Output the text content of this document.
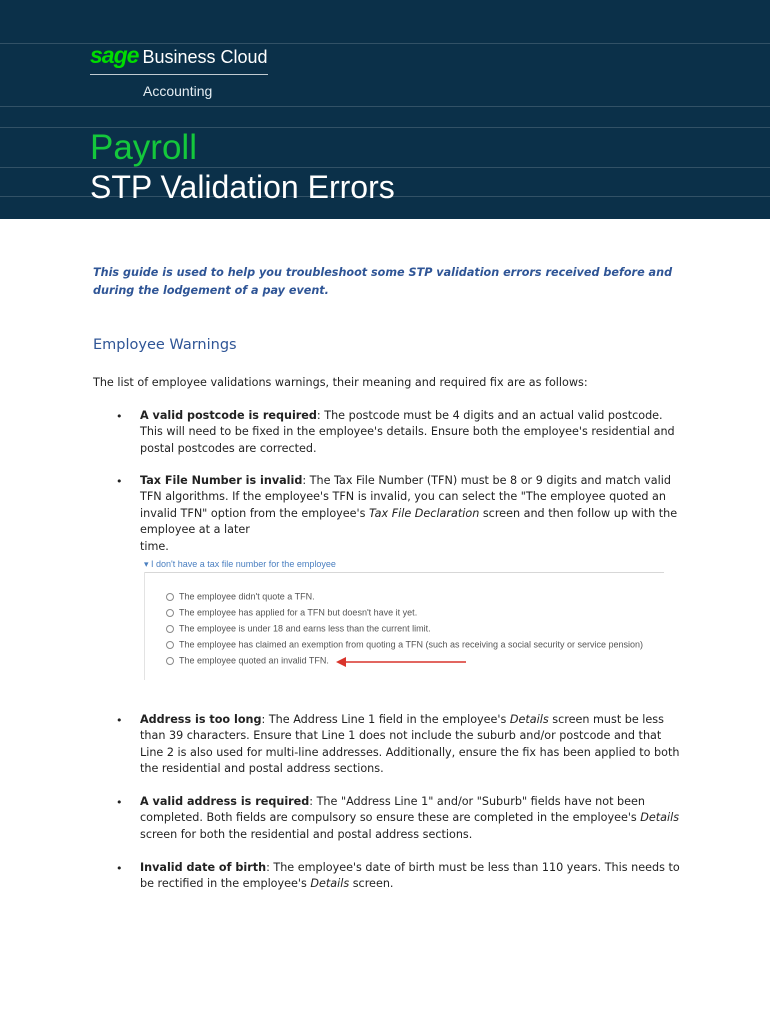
sage Business Cloud
Accounting
Payroll
STP Validation Errors
This guide is used to help you troubleshoot some STP validation errors received before and during the lodgement of a pay event.
Employee Warnings
The list of employee validations warnings, their meaning and required fix are as follows:
• A valid postcode is required: The postcode must be 4 digits and an actual valid postcode. This will need to be fixed in the employee's details. Ensure both the employee's residential and postal postcodes are corrected.
• Tax File Number is invalid: The Tax File Number (TFN) must be 8 or 9 digits and match valid TFN algorithms. If the employee's TFN is invalid, you can select the "The employee quoted an invalid TFN" option from the employee's Tax File Declaration screen and then follow up with the employee at a later
time.
▾ I don't have a tax file number for the employee
The employee didn't quote a TFN.
The employee has applied for a TFN but doesn't have it yet.
The employee is under 18 and earns less than the current limit.
The employee has claimed an exemption from quoting a TFN (such as receiving a social security or service pension)
The employee quoted an invalid TFN.
• Address is too long: The Address Line 1 field in the employee's Details screen must be less than 39 characters. Ensure that Line 1 does not include the suburb and/or postcode and that Line 2 is also used for multi-line addresses. Additionally, ensure the fix has been applied to both the residential and postal address sections.
• A valid address is required: The "Address Line 1" and/or "Suburb" fields have not been completed. Both fields are compulsory so ensure these are completed in the employee's Details screen for both the residential and postal address sections.
• Invalid date of birth: The employee's date of birth must be less than 110 years. This needs to be rectified in the employee's Details screen.
